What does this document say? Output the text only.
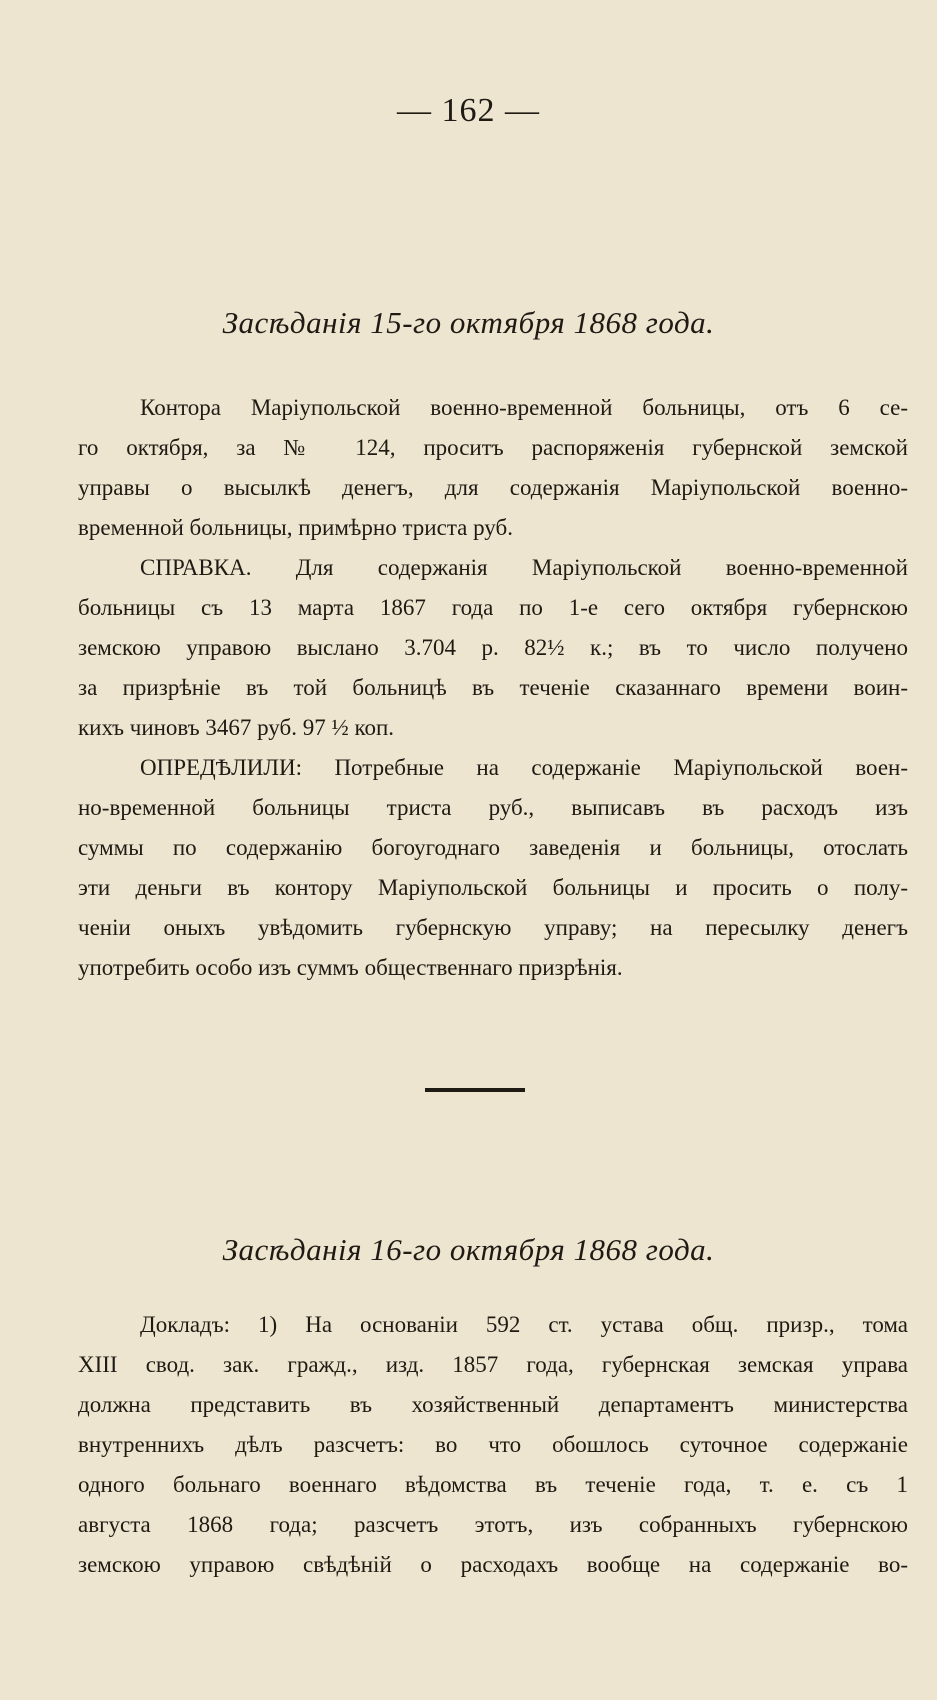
— 162 —
Засѣданія 15-го октября 1868 года.
Контора Маріупольской военно-временной больницы, отъ 6 се-
го октября, за № 124, проситъ распоряженія губернской земской
управы о высылкѣ денегъ, для содержанія Маріупольской военно-
временной больницы, примѣрно триста руб.
СПРАВКА. Для содержанія Маріупольской военно-временной
больницы съ 13 марта 1867 года по 1-е сего октября губернскою
земскою управою выслано 3.704 р. 82½ к.; въ то число получено
за призрѣніе въ той больницѣ въ теченіе сказаннаго времени воин-
кихъ чиновъ 3467 руб. 97 ½ коп.
ОПРЕДѢЛИЛИ: Потребные на содержаніе Маріупольской воен-
но-временной больницы триста руб., выписавъ въ расходъ изъ
суммы по содержанію богоугоднаго заведенія и больницы, отослать
эти деньги въ контору Маріупольской больницы и просить о полу-
ченіи оныхъ увѣдомить губернскую управу; на пересылку денегъ
употребить особо изъ суммъ общественнаго призрѣнія.
Засѣданія 16-го октября 1868 года.
Докладъ: 1) На основаніи 592 ст. устава общ. призр., тома
XIII свод. зак. гражд., изд. 1857 года, губернская земская управа
должна представить въ хозяйственный департаментъ министерства
внутреннихъ дѣлъ разсчетъ: во что обошлось суточное содержаніе
одного больнаго военнаго вѣдомства въ теченіе года, т. е. съ 1
августа 1868 года; разсчетъ этотъ, изъ собранныхъ губернскою
земскою управою свѣдѣній о расходахъ вообще на содержаніе во-
